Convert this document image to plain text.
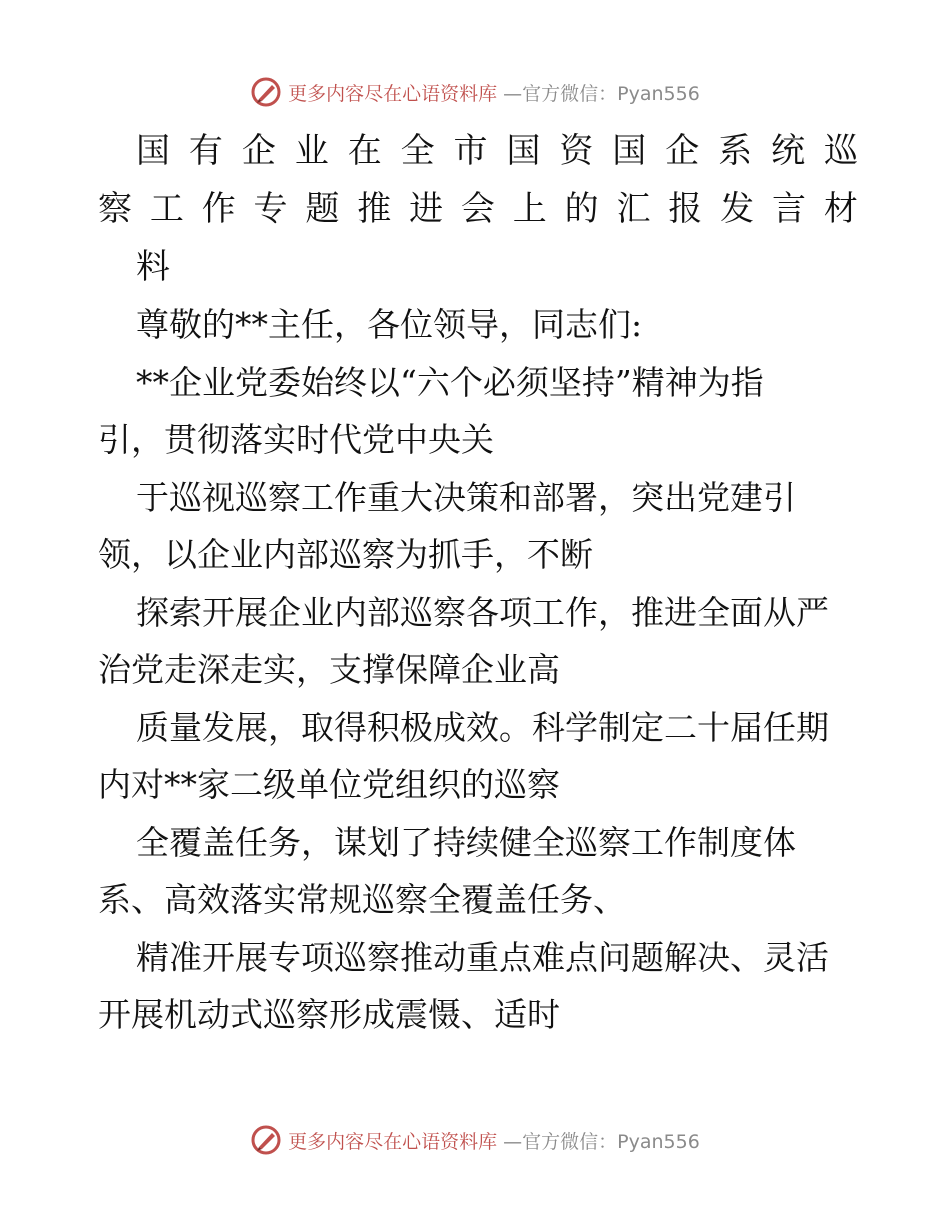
更多内容尽在心语资料库 —官方微信：Pyan556
国 有 企 业 在 全 市 国 资 国 企 系 统 巡
察 工 作 专 题 推 进 会 上 的 汇 报 发 言 材
料

尊敬的**主任，各位领导，同志们:

**企业党委始终以“六个必须坚持”精神为指

引，贯彻落实时代党中央关

于巡视巡察工作重大决策和部署，突出党建引

领，以企业内部巡察为抓手，不断

探索开展企业内部巡察各项工作，推进全面从严

治党走深走实，支撑保障企业高

质量发展，取得积极成效。科学制定二十届任期

内对**家二级单位党组织的巡察

全覆盖任务，谋划了持续健全巡察工作制度体

系、高效落实常规巡察全覆盖任务、

精准开展专项巡察推动重点难点问题解决、灵活

开展机动式巡察形成震慑、适时

更多内容尽在心语资料库 —官方微信：Pyan556
